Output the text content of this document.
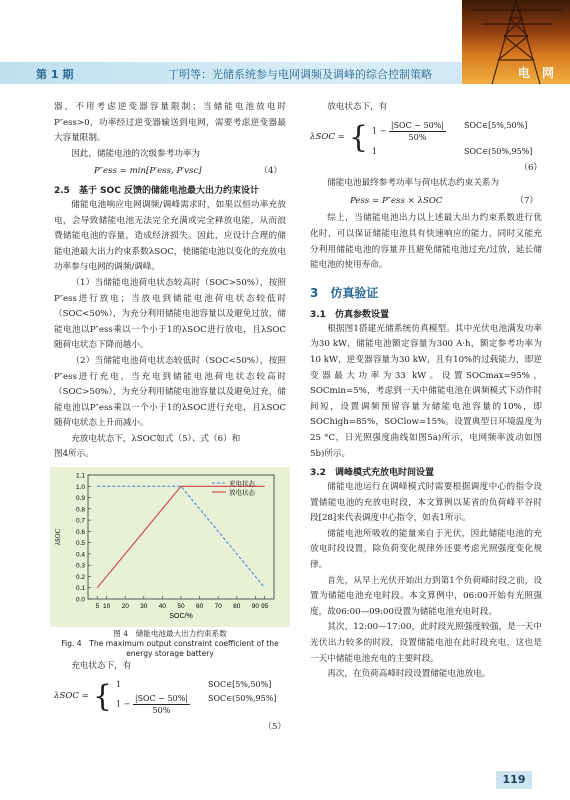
第 1 期	丁明等：光储系统参与电网调频及调峰的综合控制策略	电 网

器，不用考虑逆变器容量限制；当储能电池放电时P″ess>0，功率经过逆变器输送到电网，需要考虑逆变器最大容量限制。

因此，储能电池的次级参考功率为

P″ess = min[P′ess, P′vsc]	（4）
2.5　基于 SOC 反馈的储能电池最大出力约束设计

储能电池响应电网调频/调峰需求时，如果以恒功率充放电，会导致储能电池无法完全充满或完全释放电能，从而浪费储能电池的容量，造成经济损失。因此，应设计合理的储能电池最大出力约束系数λSOC，使储能电池以变化的充放电功率参与电网的调频/调峰。

（1）当储能电池荷电状态较高时（SOC>50%），按照P″ess进行放电；当放电到储能电池荷电状态较低时（SOC<50%），为充分利用储能电池容量以及避免过放，储能电池以P″ess乘以一个小于1的λSOC进行放电，且λSOC随荷电状态下降而越小。

（2）当储能电池荷电状态较低时（SOC<50%），按照P″ess进行充电，当充电到储能电池荷电状态较高时（SOC>50%），为充分利用储能电池容量以及避免过充，储能电池以P″ess乘以一个小于1的λSOC进行充电，且λSOC随荷电状态上升而减小。

充放电状态下，λSOC如式（5）、式（6）和

图4所示。

0.0
0.1
0.2
0.3
0.4
0.5
0.6
0.7
0.8
0.9
1.0
1.1
5 10 20 30 40 50 60 70 80 90 95
SOC/%
λSOC
充电状态
放电状态
图 4　储能电池最大出力约束系数
Fig. 4　The maximum output constraint coefficient of the
energy storage battery

充电状态下，有

λSOC = { 1	SOC∈[5%,50%]
$1 - \frac{\text{|SOC − 50\%|}}{50\%}$ SOC∈(50%,95%]
（5）

放电状态下，有

λSOC = { $1 - \frac{\text{|SOC − 50\%|}}{50\%}$ SOC∈[5%,50%]
1	SOC∈(50%,95%]
（6）

储能电池最终参考功率与荷电状态约束关系为

Pess = P″ess × λSOC	（7）

综上，当储能电池出力以上述最大出力约束系数进行优化时，可以保证储能电池具有快速响应的能力，同时又能充分利用储能电池的容量并且避免储能电池过充/过放，延长储能电池的使用寿命。

3　仿真验证
3.1　仿真参数设置

根据图1搭建光储系统仿真模型。其中光伏电池满发功率为30 kW，储能电池额定容量为300 A·h，额定参考功率为10 kW，逆变器容量为30 kW，且有10%的过载能力，即逆变器最大功率为33 kW。设置SOCmax=95%，SOCmin=5%，考虑到一天中储能电池在调频模式下动作时间短，设置调频预留容量为储能电池容量的10%，即SOChigh=85%，SOClow=15%。设置典型日环境温度为25 °C，日光照强度曲线如图5a)所示，电网频率波动如图5b)所示。

3.2　调峰模式充放电时间设置

储能电池运行在调峰模式时需要根据调度中心的指令设置储能电池的充放电时段，本文算例以某省的负荷峰平谷时段[28]来代表调度中心指令，如表1所示。

储能电池所吸收的能量来自于光伏，因此储能电池的充放电时段设置，除负荷变化规律外还要考虑光照强度变化规律。

首先，从早上光伏开始出力到第1个负荷峰时段之前，设置为储能电池充电时段。本文算例中，06:00开始有光照强度，故06:00—09:00设置为储能电池充电时段。

其次，12:00—17:00，此时段光照强度较强，是一天中光伏出力较多的时段，设置储能电池在此时段充电，这也是一天中储能电池充电的主要时段。

再次，在负荷高峰时段设置储能电池放电。

119
